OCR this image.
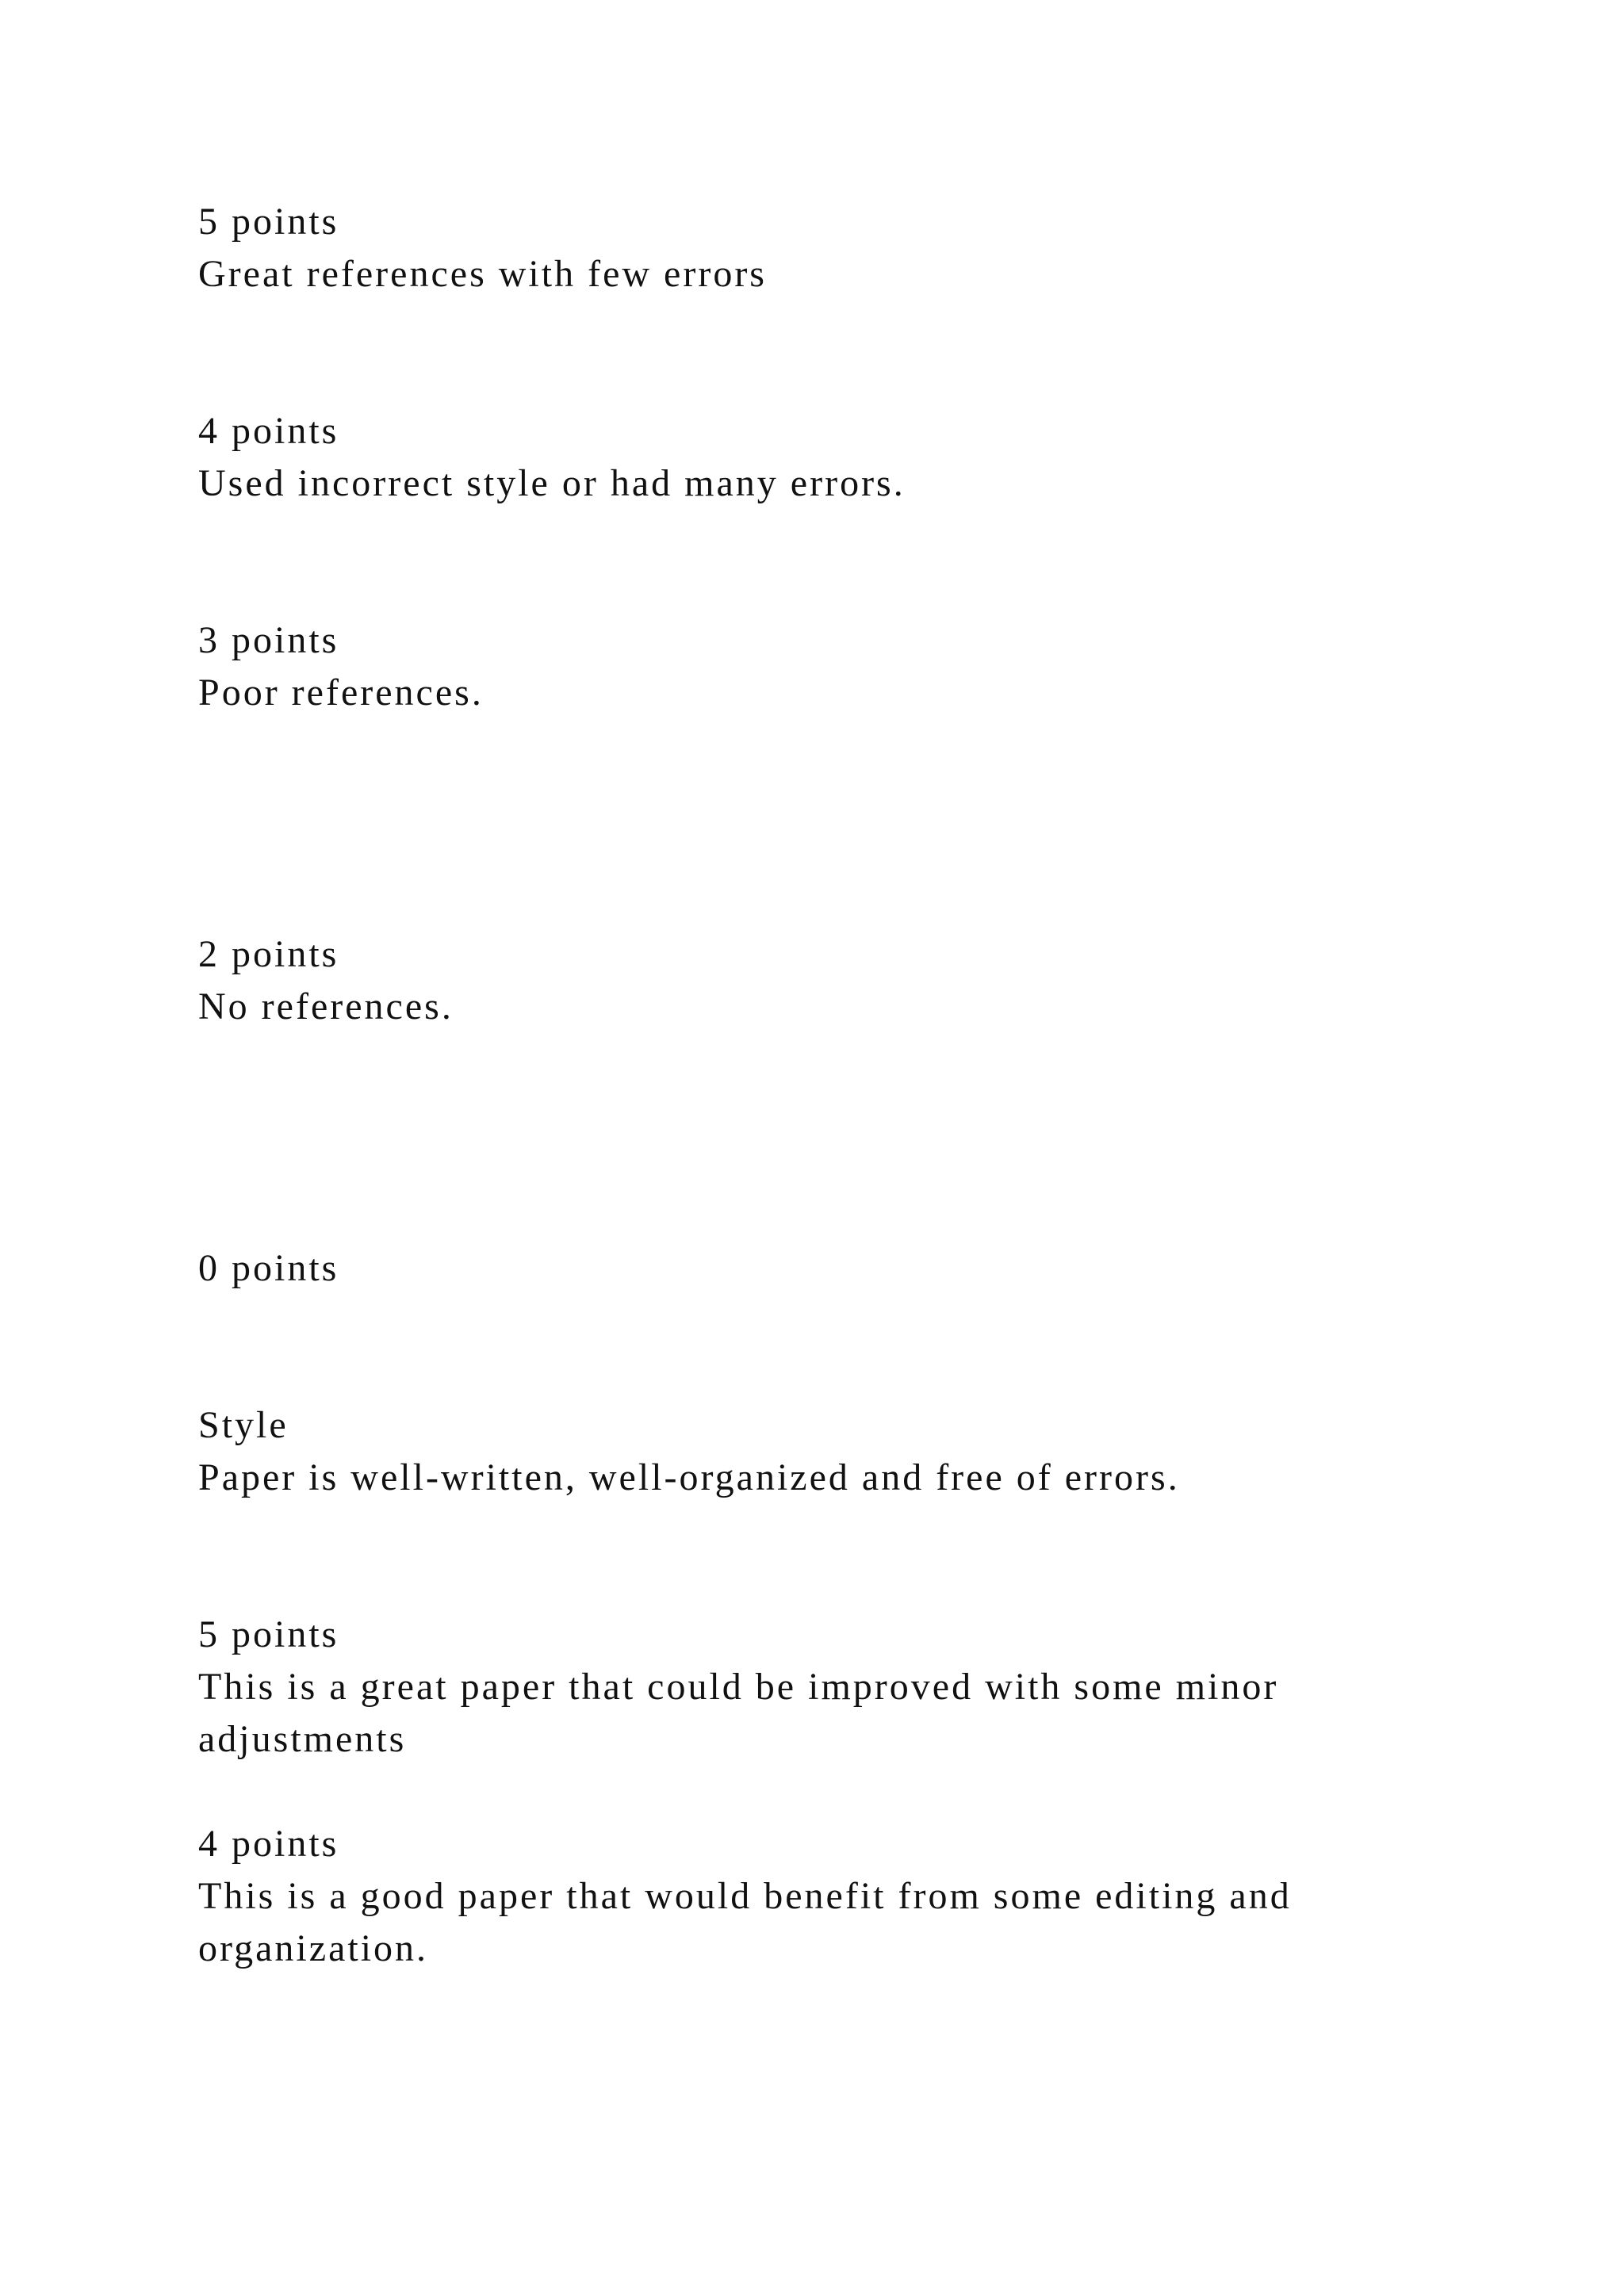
5 points

Great references with few errors

4 points

Used incorrect style or had many errors.

3 points

Poor references.

2 points

No references.

0 points

Style

Paper is well-written, well-organized and free of errors.

5 points

This is a great paper that could be improved with some minor

adjustments

4 points

This is a good paper that would benefit from some editing and

organization.
